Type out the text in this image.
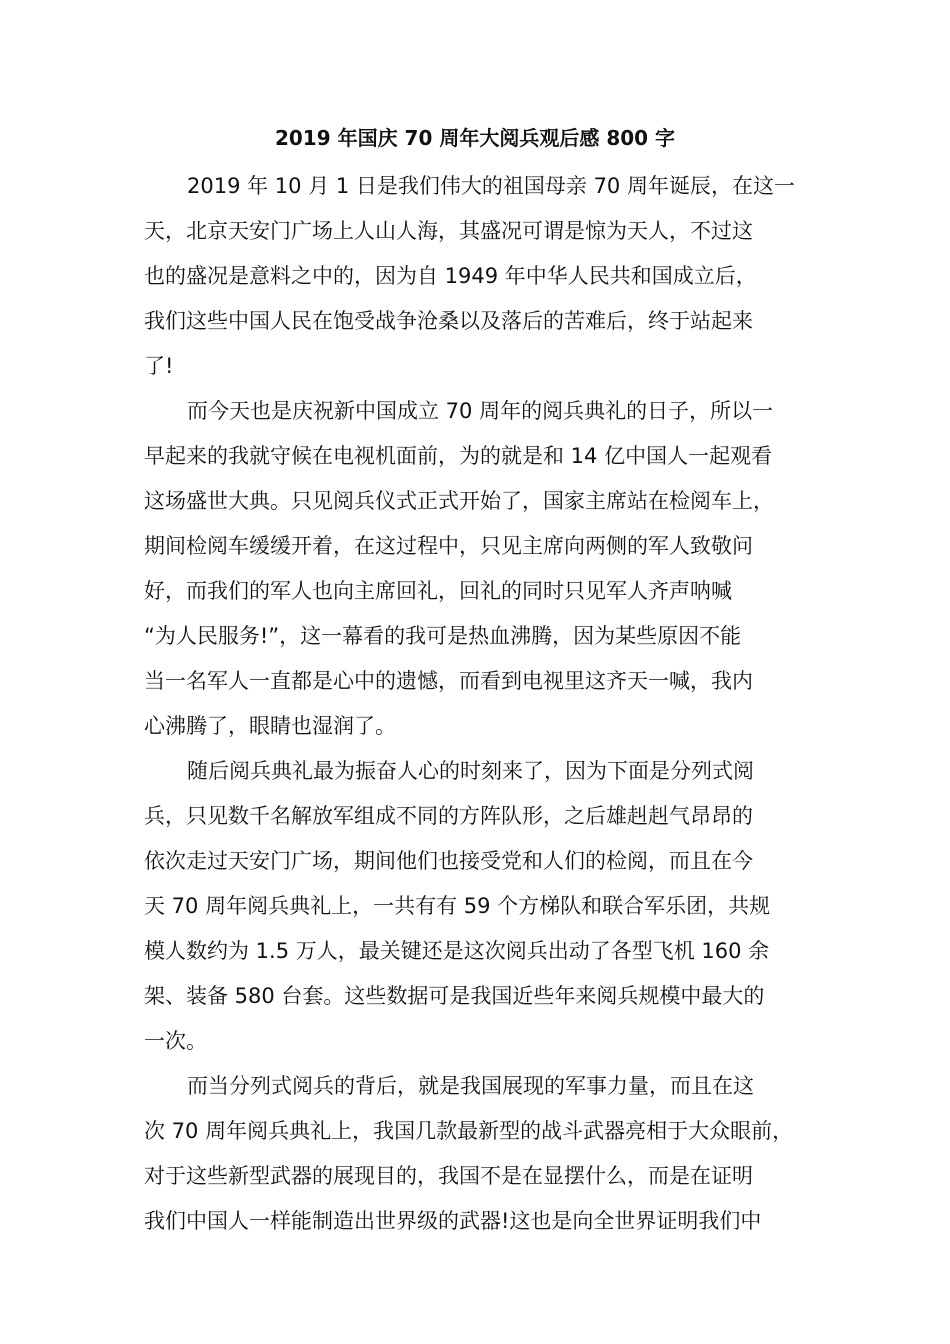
2019 年国庆 70 周年大阅兵观后感 800 字
2019 年 10 月 1 日是我们伟大的祖国母亲 70 周年诞辰，在这一
天，北京天安门广场上人山人海，其盛况可谓是惊为天人，不过这
也的盛况是意料之中的，因为自 1949 年中华人民共和国成立后，
我们这些中国人民在饱受战争沧桑以及落后的苦难后，终于站起来
了!
而今天也是庆祝新中国成立 70 周年的阅兵典礼的日子，所以一
早起来的我就守候在电视机面前，为的就是和 14 亿中国人一起观看
这场盛世大典。只见阅兵仪式正式开始了，国家主席站在检阅车上，
期间检阅车缓缓开着，在这过程中，只见主席向两侧的军人致敬问
好，而我们的军人也向主席回礼，回礼的同时只见军人齐声呐喊
“为人民服务!”，这一幕看的我可是热血沸腾，因为某些原因不能
当一名军人一直都是心中的遗憾，而看到电视里这齐天一喊，我内
心沸腾了，眼睛也湿润了。
随后阅兵典礼最为振奋人心的时刻来了，因为下面是分列式阅
兵，只见数千名解放军组成不同的方阵队形，之后雄赳赳气昂昂的
依次走过天安门广场，期间他们也接受党和人们的检阅，而且在今
天 70 周年阅兵典礼上，一共有有 59 个方梯队和联合军乐团，共规
模人数约为 1.5 万人，最关键还是这次阅兵出动了各型飞机 160 余
架、装备 580 台套。这些数据可是我国近些年来阅兵规模中最大的
一次。
而当分列式阅兵的背后，就是我国展现的军事力量，而且在这
次 70 周年阅兵典礼上，我国几款最新型的战斗武器亮相于大众眼前，
对于这些新型武器的展现目的，我国不是在显摆什么，而是在证明
我们中国人一样能制造出世界级的武器!这也是向全世界证明我们中
